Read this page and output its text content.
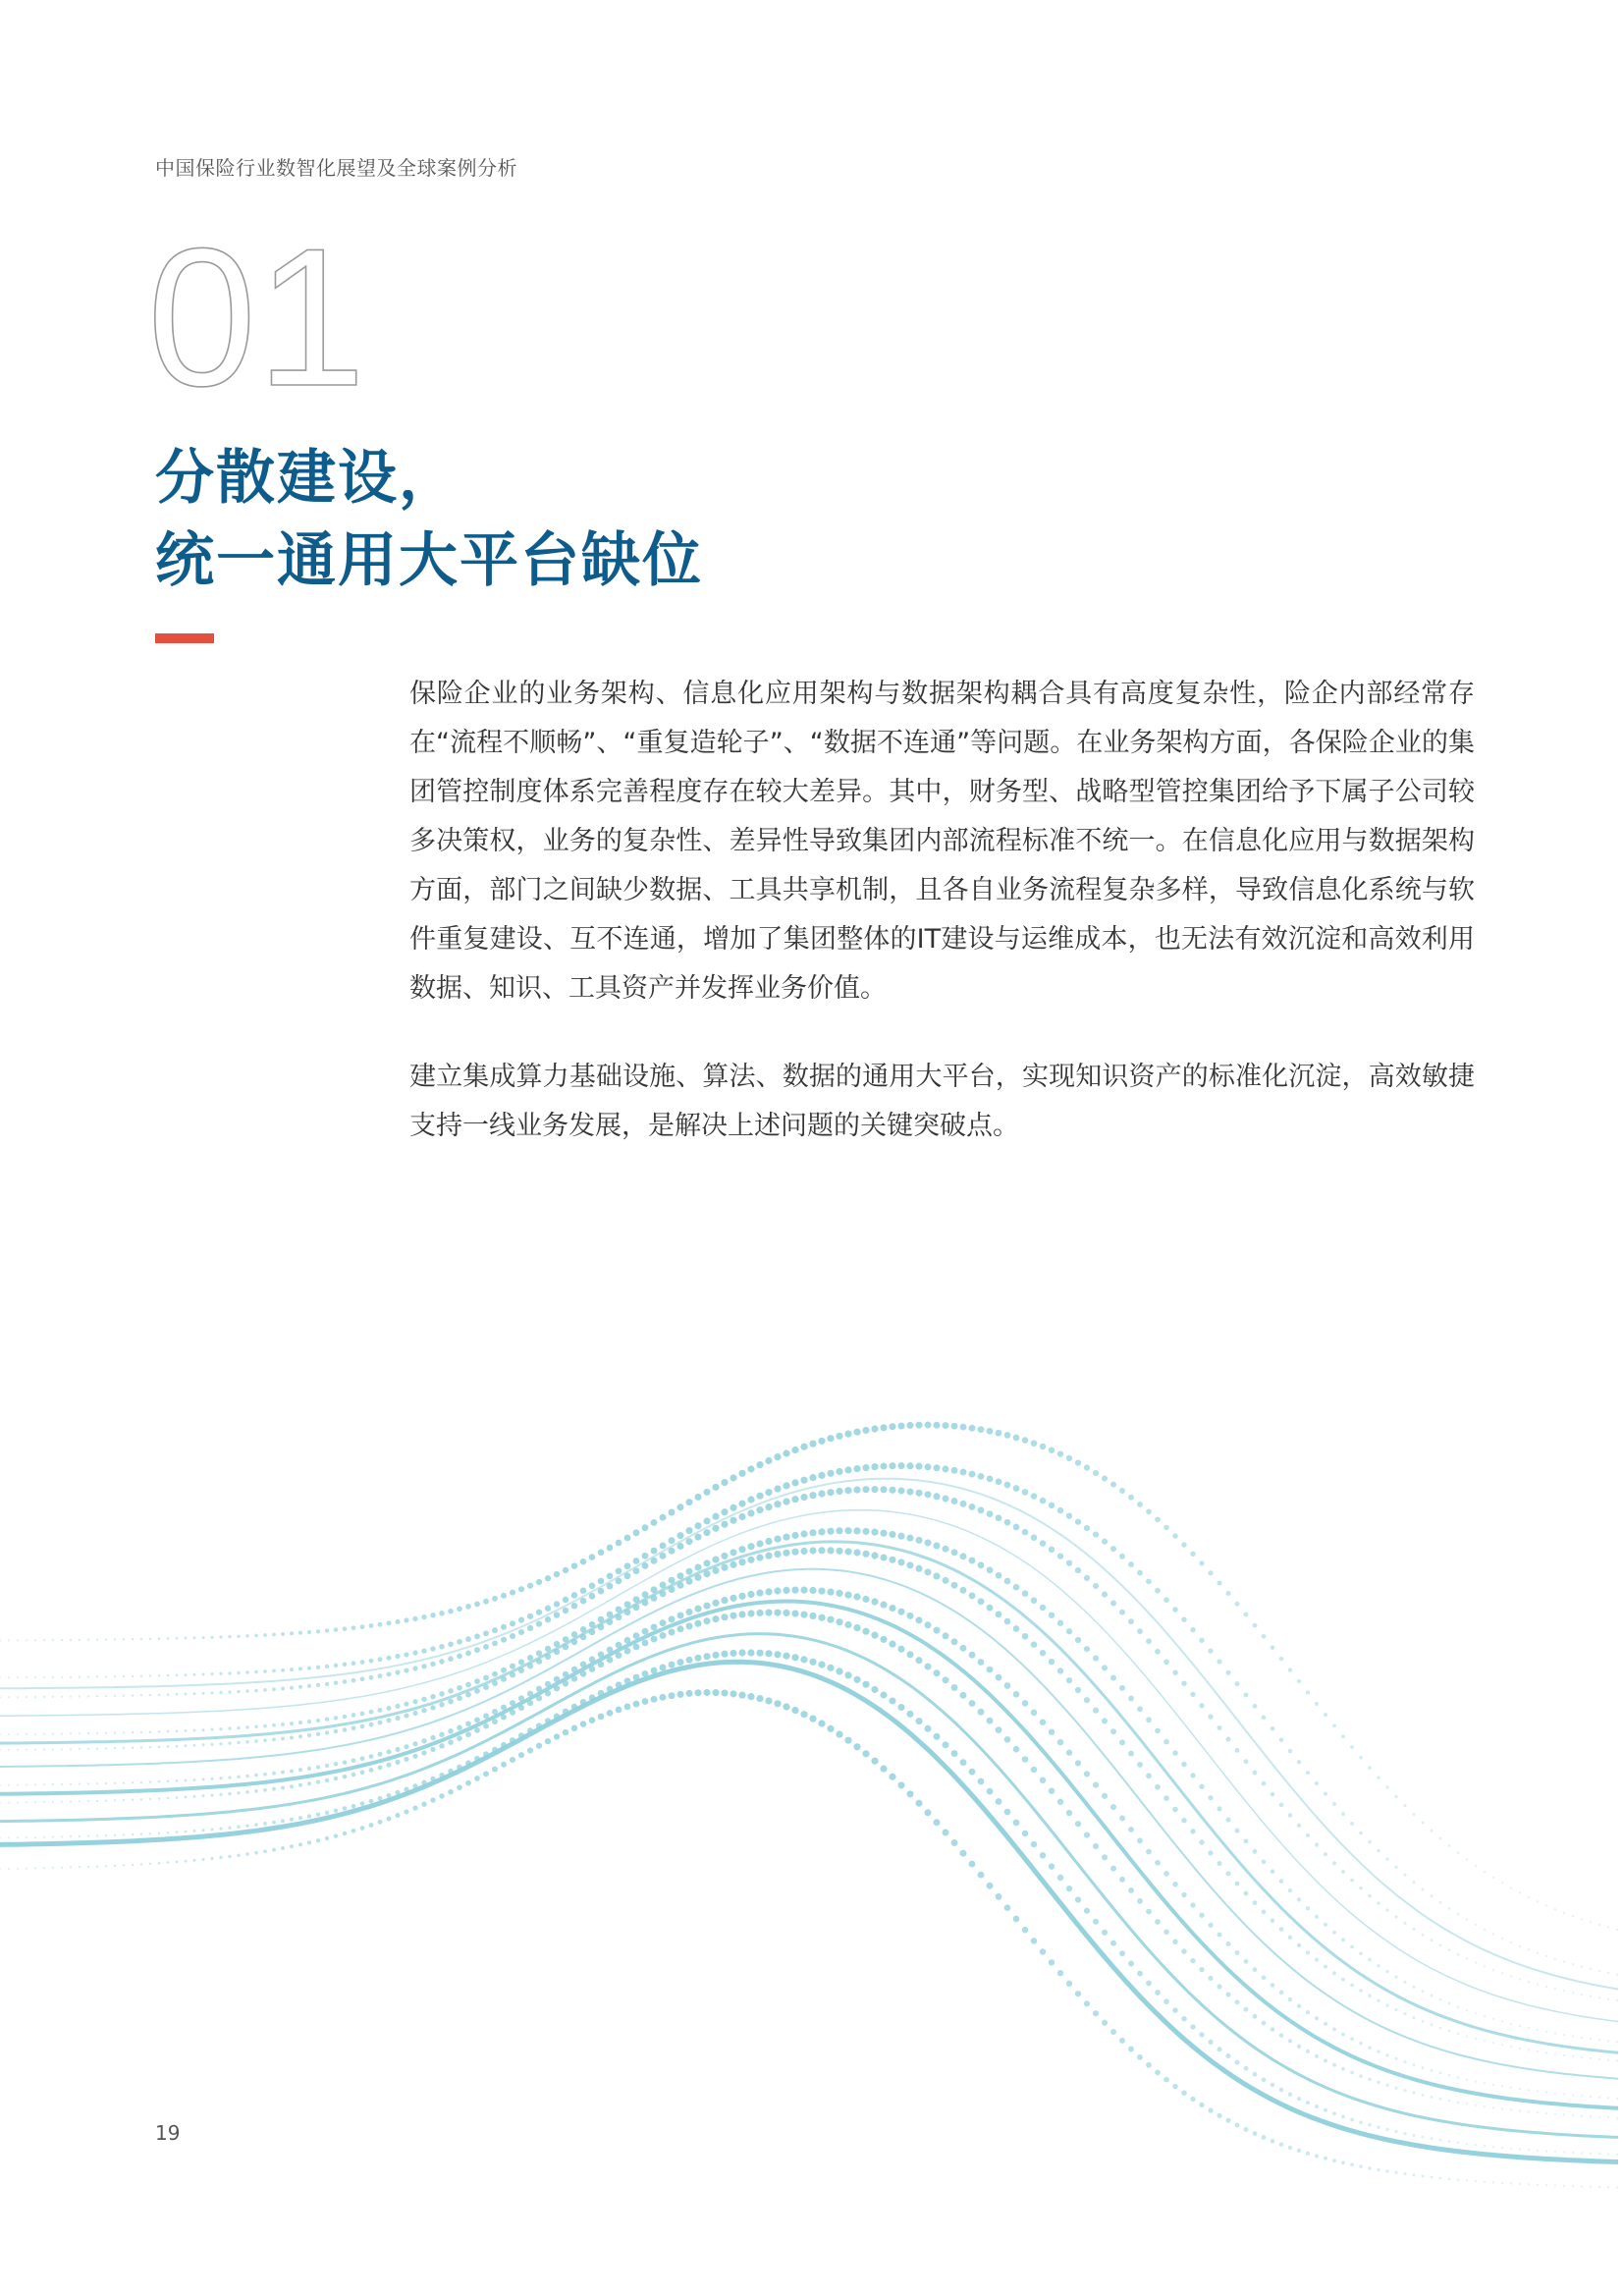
中国保险行业数智化展望及全球案例分析
01
分散建设，
统一通用大平台缺位

保险企业的业务架构、信息化应用架构与数据架构耦合具有高度复杂性，险企内部经常存在“流程不顺畅”、“重复造轮子”、“数据不连通”等问题。在业务架构方面，各保险企业的集团管控制度体系完善程度存在较大差异。其中，财务型、战略型管控集团给予下属子公司较多决策权，业务的复杂性、差异性导致集团内部流程标准不统一。在信息化应用与数据架构方面，部门之间缺少数据、工具共享机制，且各自业务流程复杂多样，导致信息化系统与软件重复建设、互不连通，增加了集团整体的IT建设与运维成本，也无法有效沉淀和高效利用数据、知识、工具资产并发挥业务价值。

建立集成算力基础设施、算法、数据的通用大平台，实现知识资产的标准化沉淀，高效敏捷支持一线业务发展，是解决上述问题的关键突破点。

19
